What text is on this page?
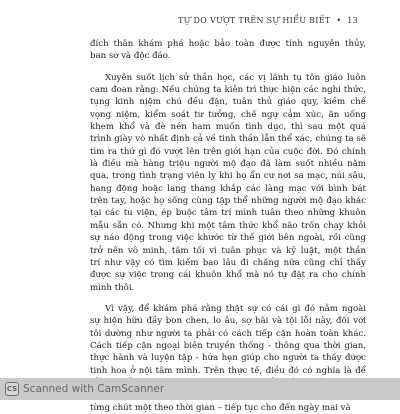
TỰ DO VƯỢT TRÊN SỰ HIỂU BIẾT • 13
đích thân khám phá hoặc bảo toàn được tính nguyên thủy,
ban sơ và độc đáo.
Xuyên suốt lịch sử thần học, các vị lãnh tụ tôn giáo luôn
cam đoan rằng: Nếu chúng ta kiên trì thực hiện các nghi thức,
tụng kinh niệm chú đều đặn, tuân thủ giáo quy, kiềm chế
vọng niệm, kiểm soát tư tưởng, chế ngự cảm xúc, ăn uống
khem khổ và đè nén ham muốn tình dục, thì sau một quá
trình giày vò nhất định cả về tinh thần lẫn thể xác, chúng ta sẽ
tìm ra thứ gì đó vượt lên trên giới hạn của cuộc đời. Đó chính
là điều mà hàng triệu người mộ đạo đã làm suốt nhiều năm
qua, trong tình trạng viên ly khi họ ẩn cư nơi sa mạc, núi sâu,
hang động hoặc lang thang khắp các làng mạc với bình bát
trên tay, hoặc họ sống cùng tập thể những người mộ đạo khác
tại các tu viện, ép buộc tâm trí mình tuân theo những khuôn
mẫu sẵn có. Nhưng khi một tâm thức khổ não trốn chạy khỏi
sự náo động trong việc khước từ thế giới bên ngoài, rồi cũng
trở nên vô minh, tâm tối vì tuân phục và kỷ luật, một thần
trí như vậy có tìm kiếm bao lâu đi chăng nữa cũng chỉ thấy
được sự việc trong cái khuôn khổ mà nó tự đặt ra cho chính
mình thôi.
Vì vậy, để khám phá rằng thật sự có cái gì đó nằm ngoài
sự hiện hữu đầy bon chen, lo âu, sợ hãi và tội lỗi này, đối với
tôi dường như người ta phải có cách tiếp cận hoàn toàn khác.
Cách tiếp cận ngoại biên truyền thống - thông qua thời gian,
thực hành và luyện tập - hứa hẹn giúp cho người ta thấy được
tinh hoa ở nội tâm mình. Trên thực tế, điều đó có nghĩa là để
từng chút một theo thời gian – tiếp tục cho đến ngày mai và
CS Scanned with CamScanner
